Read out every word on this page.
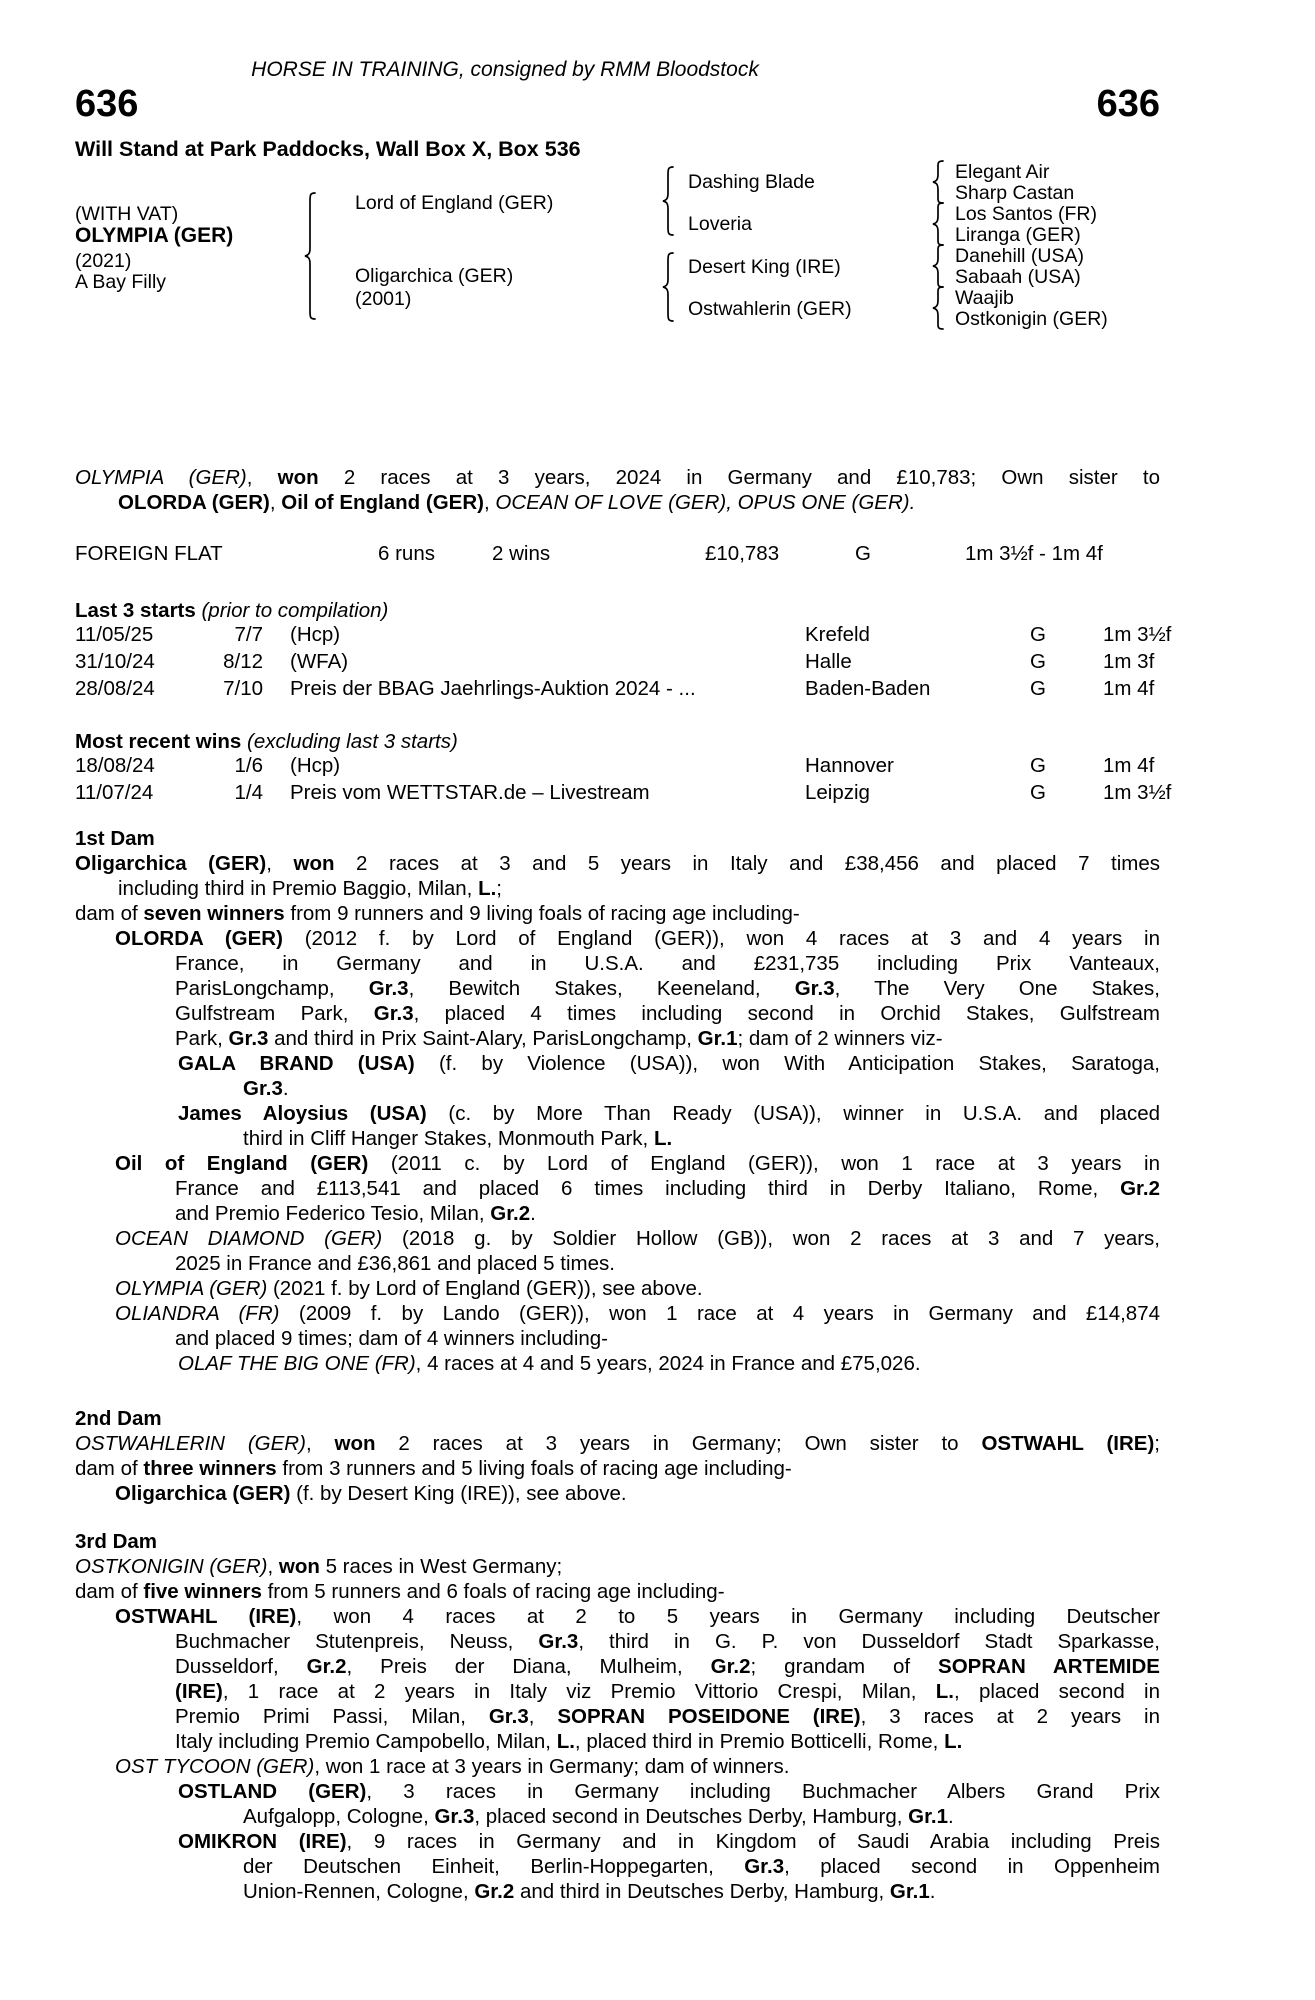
HORSE IN TRAINING, consigned by RMM Bloodstock
636	636
Will Stand at Park Paddocks, Wall Box X, Box 536
(WITH VAT)
OLYMPIA (GER)
(2021)
A Bay Filly
Lord of England (GER)
Oligarchica (GER)
(2001)
Dashing Blade
Loveria
Desert King (IRE)
Ostwahlerin (GER)
Elegant Air
Sharp Castan
Los Santos (FR)
Liranga (GER)
Danehill (USA)
Sabaah (USA)
Waajib
Ostkonigin (GER)
OLYMPIA (GER), won 2 races at 3 years, 2024 in Germany and £10,783; Own sister to
OLORDA (GER), Oil of England (GER), OCEAN OF LOVE (GER), OPUS ONE (GER).
FOREIGN FLAT	6 runs	2 wins	£10,783	G	1m 3½f - 1m 4f
Last 3 starts (prior to compilation)
11/05/25	7/7 (Hcp)	Krefeld	G	1m 3½f
31/10/24	8/12 (WFA)	Halle	G	1m 3f
28/08/24	7/10 Preis der BBAG Jaehrlings-Auktion 2024 - ...	Baden-Baden	G	1m 4f
Most recent wins (excluding last 3 starts)
18/08/24	1/6 (Hcp)	Hannover	G	1m 4f
11/07/24	1/4 Preis vom WETTSTAR.de – Livestream	Leipzig	G	1m 3½f
1st Dam
Oligarchica (GER), won 2 races at 3 and 5 years in Italy and £38,456 and placed 7 times
including third in Premio Baggio, Milan, L.;
dam of seven winners from 9 runners and 9 living foals of racing age including-
OLORDA (GER) (2012 f. by Lord of England (GER)), won 4 races at 3 and 4 years in
France, in Germany and in U.S.A. and £231,735 including Prix Vanteaux,
ParisLongchamp, Gr.3, Bewitch Stakes, Keeneland, Gr.3, The Very One Stakes,
Gulfstream Park, Gr.3, placed 4 times including second in Orchid Stakes, Gulfstream
Park, Gr.3 and third in Prix Saint-Alary, ParisLongchamp, Gr.1; dam of 2 winners viz-
GALA BRAND (USA) (f. by Violence (USA)), won With Anticipation Stakes, Saratoga,
Gr.3.
James Aloysius (USA) (c. by More Than Ready (USA)), winner in U.S.A. and placed
third in Cliff Hanger Stakes, Monmouth Park, L.
Oil of England (GER) (2011 c. by Lord of England (GER)), won 1 race at 3 years in
France and £113,541 and placed 6 times including third in Derby Italiano, Rome, Gr.2
and Premio Federico Tesio, Milan, Gr.2.
OCEAN DIAMOND (GER) (2018 g. by Soldier Hollow (GB)), won 2 races at 3 and 7 years,
2025 in France and £36,861 and placed 5 times.
OLYMPIA (GER) (2021 f. by Lord of England (GER)), see above.
OLIANDRA (FR) (2009 f. by Lando (GER)), won 1 race at 4 years in Germany and £14,874
and placed 9 times; dam of 4 winners including-
OLAF THE BIG ONE (FR), 4 races at 4 and 5 years, 2024 in France and £75,026.
2nd Dam
OSTWAHLERIN (GER), won 2 races at 3 years in Germany; Own sister to OSTWAHL (IRE);
dam of three winners from 3 runners and 5 living foals of racing age including-
Oligarchica (GER) (f. by Desert King (IRE)), see above.
3rd Dam
OSTKONIGIN (GER), won 5 races in West Germany;
dam of five winners from 5 runners and 6 foals of racing age including-
OSTWAHL (IRE), won 4 races at 2 to 5 years in Germany including Deutscher
Buchmacher Stutenpreis, Neuss, Gr.3, third in G. P. von Dusseldorf Stadt Sparkasse,
Dusseldorf, Gr.2, Preis der Diana, Mulheim, Gr.2; grandam of SOPRAN ARTEMIDE
(IRE), 1 race at 2 years in Italy viz Premio Vittorio Crespi, Milan, L., placed second in
Premio Primi Passi, Milan, Gr.3, SOPRAN POSEIDONE (IRE), 3 races at 2 years in
Italy including Premio Campobello, Milan, L., placed third in Premio Botticelli, Rome, L.
OST TYCOON (GER), won 1 race at 3 years in Germany; dam of winners.
OSTLAND (GER), 3 races in Germany including Buchmacher Albers Grand Prix
Aufgalopp, Cologne, Gr.3, placed second in Deutsches Derby, Hamburg, Gr.1.
OMIKRON (IRE), 9 races in Germany and in Kingdom of Saudi Arabia including Preis
der Deutschen Einheit, Berlin-Hoppegarten, Gr.3, placed second in Oppenheim
Union-Rennen, Cologne, Gr.2 and third in Deutsches Derby, Hamburg, Gr.1.
